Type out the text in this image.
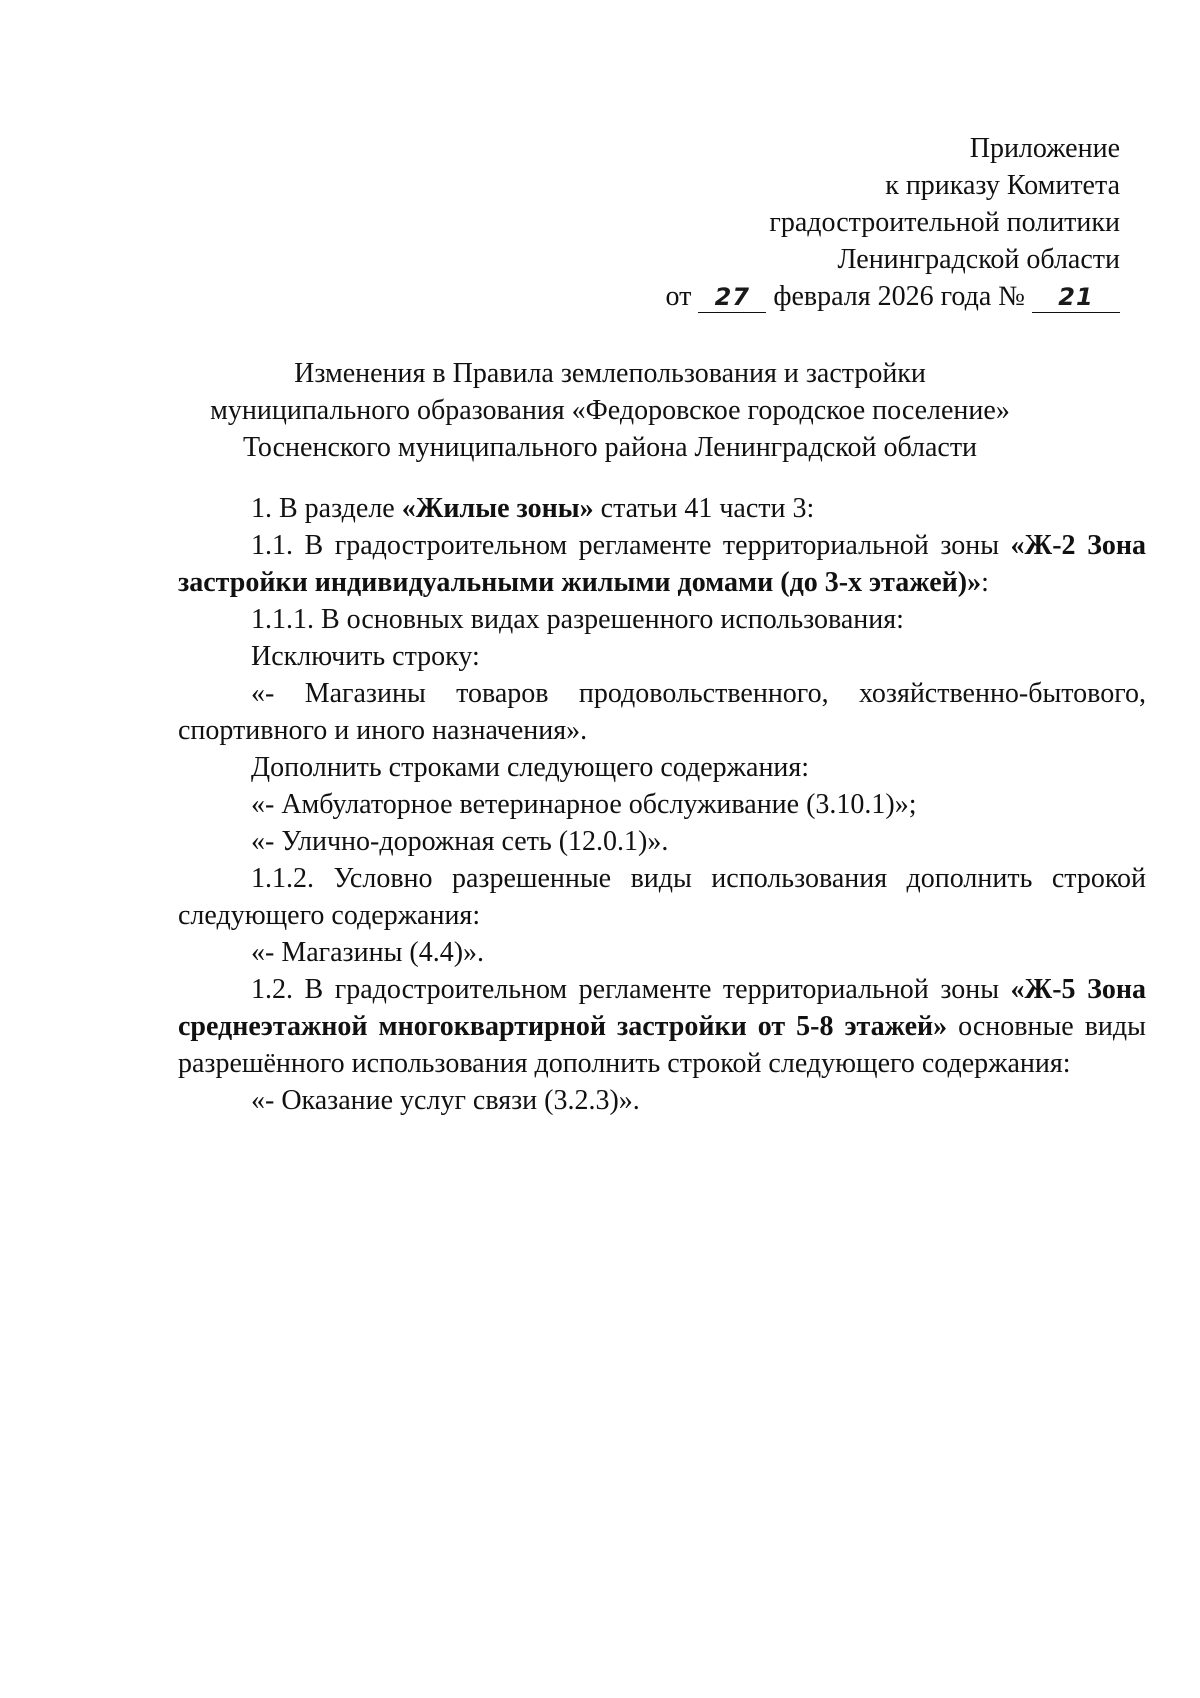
Приложение
к приказу Комитета
градостроительной политики
Ленинградской области
от 27 февраля 2026 года № 21
Изменения в Правила землепользования и застройки
муниципального образования «Федоровское городское поселение»
Тосненского муниципального района Ленинградской области

1. В разделе «Жилые зоны» статьи 41 части 3:

1.1. В градостроительном регламенте территориальной зоны «Ж-2 Зона застройки индивидуальными жилыми домами (до 3-х этажей)»:

1.1.1. В основных видах разрешенного использования:

Исключить строку:

«- Магазины товаров продовольственного, хозяйственно-бытового, спортивного и иного назначения».

Дополнить строками следующего содержания:

«- Амбулаторное ветеринарное обслуживание (3.10.1)»;

«- Улично-дорожная сеть (12.0.1)».

1.1.2. Условно разрешенные виды использования дополнить строкой следующего содержания:

«- Магазины (4.4)».

1.2. В градостроительном регламенте территориальной зоны «Ж-5 Зона среднеэтажной многоквартирной застройки от 5-8 этажей» основные виды разрешённого использования дополнить строкой следующего содержания:

«- Оказание услуг связи (3.2.3)».
